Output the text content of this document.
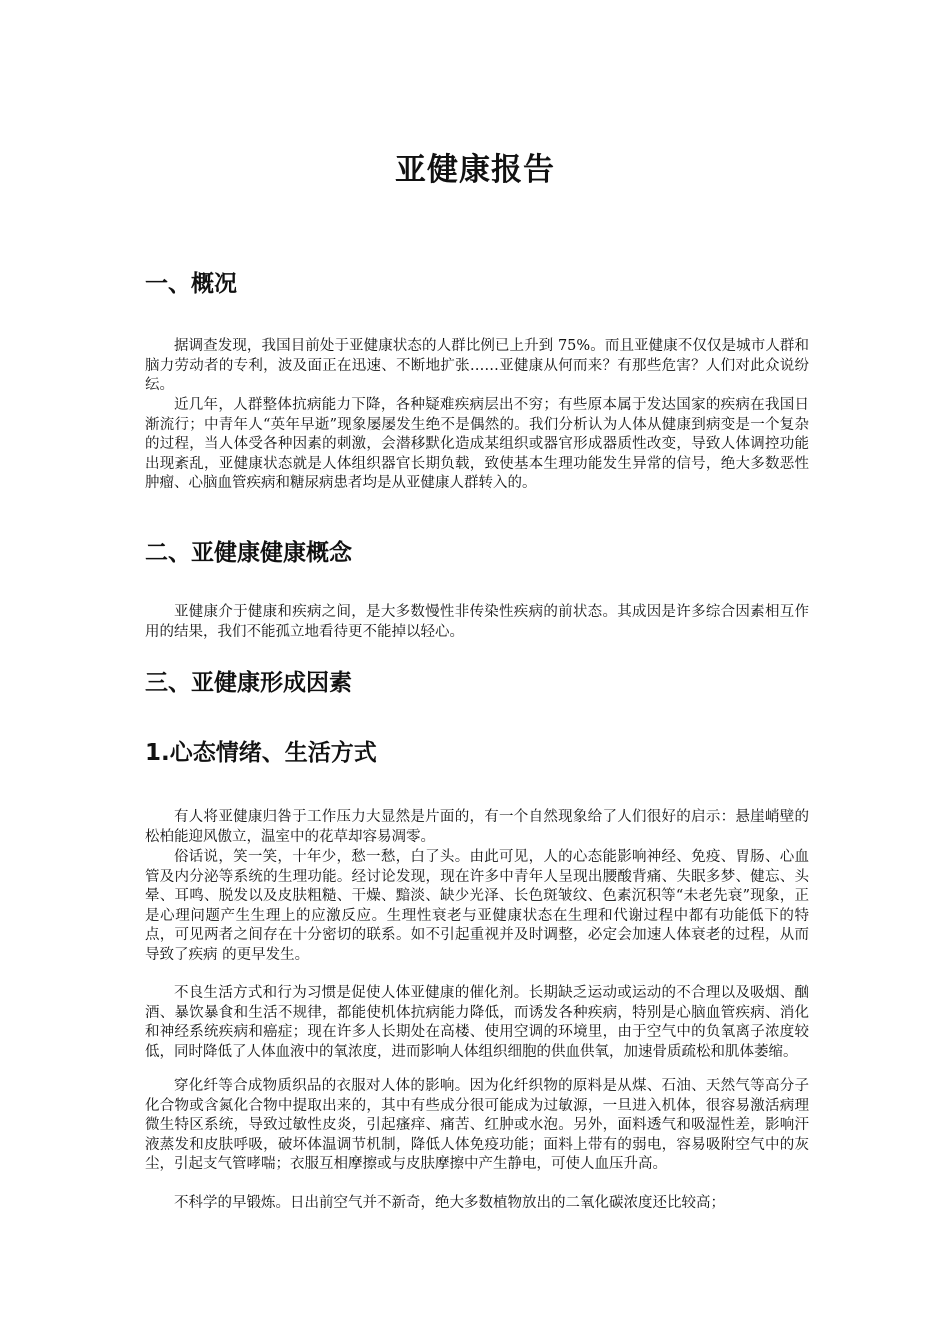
亚健康报告
一、概况

据调查发现，我国目前处于亚健康状态的人群比例已上升到 75%。而且亚健康不仅仅是城市人群和脑力劳动者的专利，波及面正在迅速、不断地扩张……亚健康从何而来？有那些危害？人们对此众说纷纭。

近几年，人群整体抗病能力下降，各种疑难疾病层出不穷；有些原本属于发达国家的疾病在我国日渐流行；中青年人“英年早逝”现象屡屡发生绝不是偶然的。我们分析认为人体从健康到病变是一个复杂的过程，当人体受各种因素的刺激，会潜移默化造成某组织或器官形成器质性改变，导致人体调控功能出现紊乱，亚健康状态就是人体组织器官长期负载，致使基本生理功能发生异常的信号，绝大多数恶性肿瘤、心脑血管疾病和糖尿病患者均是从亚健康人群转入的。

二、亚健康健康概念

亚健康介于健康和疾病之间，是大多数慢性非传染性疾病的前状态。其成因是许多综合因素相互作用的结果，我们不能孤立地看待更不能掉以轻心。

三、亚健康形成因素
1.心态情绪、生活方式

有人将亚健康归咎于工作压力大显然是片面的，有一个自然现象给了人们很好的启示：悬崖峭壁的松柏能迎风傲立，温室中的花草却容易凋零。

俗话说，笑一笑，十年少，愁一愁，白了头。由此可见，人的心态能影响神经、免疫、胃肠、心血管及内分泌等系统的生理功能。经讨论发现，现在许多中青年人呈现出腰酸背痛、失眠多梦、健忘、头晕、耳鸣、脱发以及皮肤粗糙、干燥、黯淡、缺少光泽、长色斑皱纹、色素沉积等“未老先衰”现象，正是心理问题产生生理上的应激反应。生理性衰老与亚健康状态在生理和代谢过程中都有功能低下的特点，可见两者之间存在十分密切的联系。如不引起重视并及时调整，必定会加速人体衰老的过程，从而导致了疾病 的更早发生。

不良生活方式和行为习惯是促使人体亚健康的催化剂。长期缺乏运动或运动的不合理以及吸烟、酗酒、暴饮暴食和生活不规律，都能使机体抗病能力降低，而诱发各种疾病，特别是心脑血管疾病、消化和神经系统疾病和癌症；现在许多人长期处在高楼、使用空调的环境里，由于空气中的负氧离子浓度较低，同时降低了人体血液中的氧浓度，进而影响人体组织细胞的供血供氧，加速骨质疏松和肌体萎缩。

穿化纤等合成物质织品的衣服对人体的影响。因为化纤织物的原料是从煤、石油、天然气等高分子化合物或含氮化合物中提取出来的，其中有些成分很可能成为过敏源，一旦进入机体，很容易激活病理微生特区系统，导致过敏性皮炎，引起瘙痒、痛苦、红肿或水泡。另外，面料透气和吸湿性差，影响汗液蒸发和皮肤呼吸，破坏体温调节机制，降低人体免疫功能；面料上带有的弱电，容易吸附空气中的灰尘，引起支气管哮喘；衣服互相摩擦或与皮肤摩擦中产生静电，可使人血压升高。

不科学的早锻炼。日出前空气并不新奇，绝大多数植物放出的二氧化碳浓度还比较高；
